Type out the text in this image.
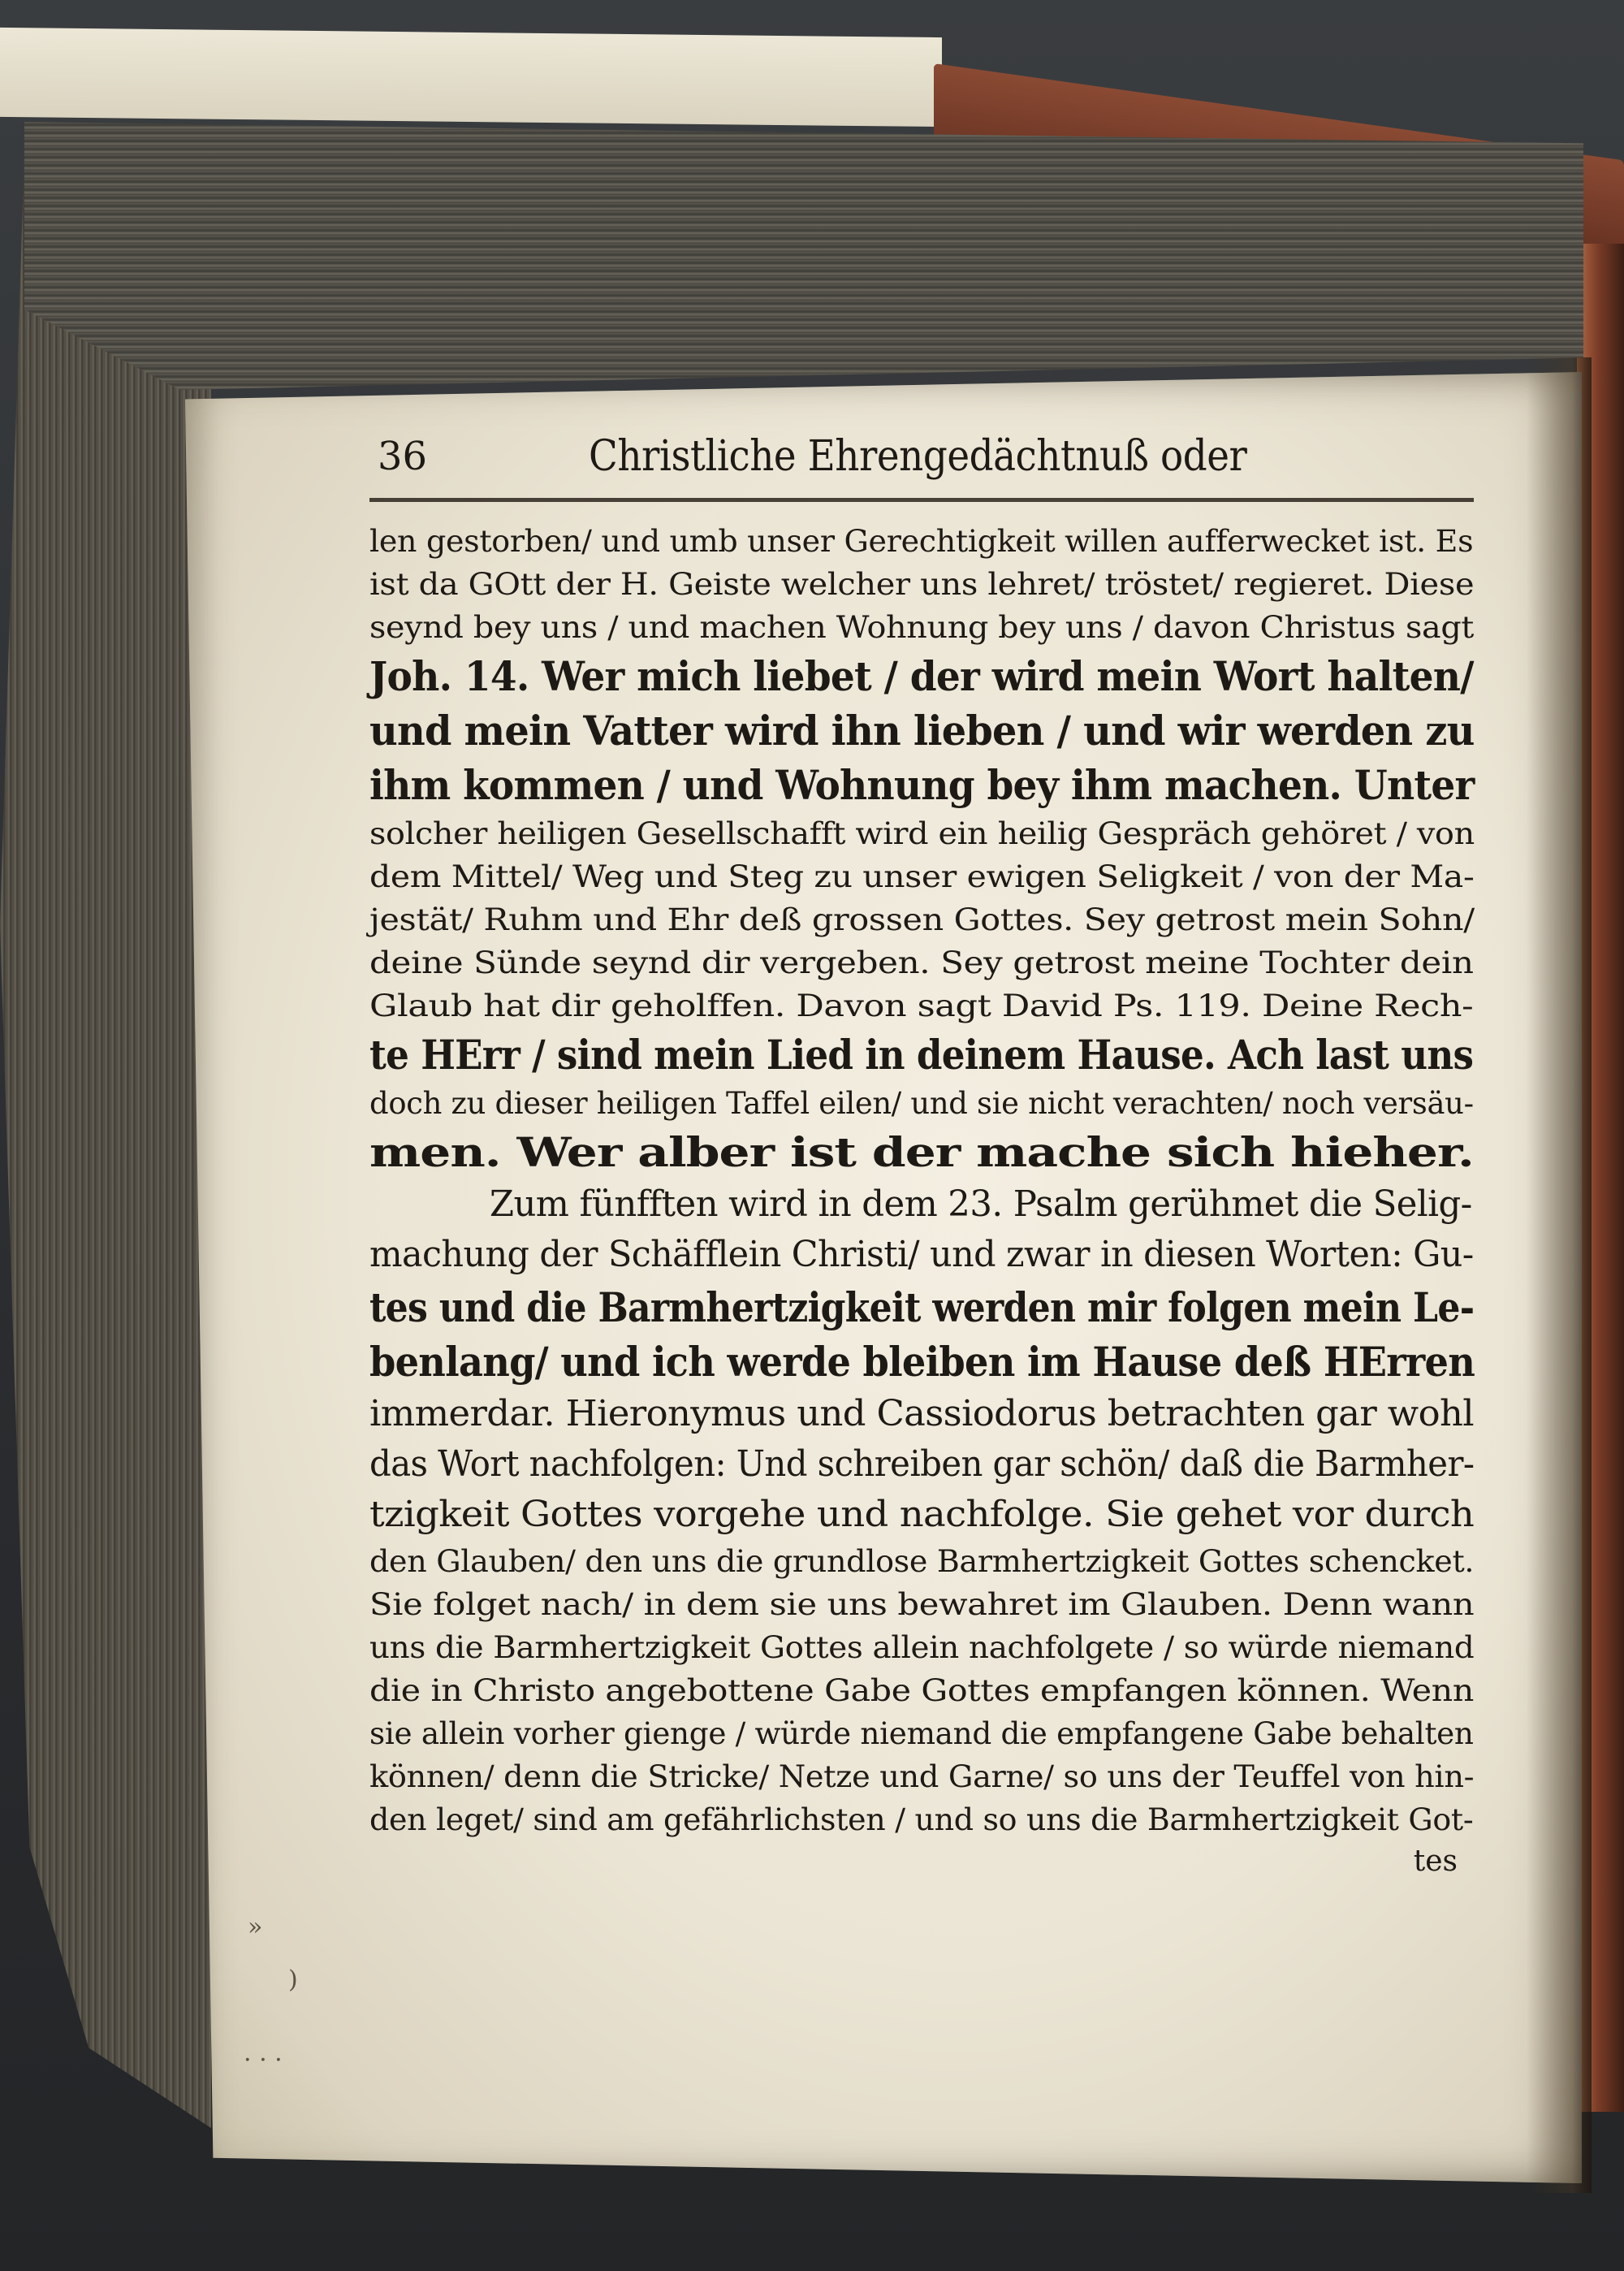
»
)
. . .
36	Christliche Ehrengedächtnuß oder
len gestorben/ und umb unser Gerechtigkeit willen aufferwecket ist. Es
ist da GOtt der H. Geiste welcher uns lehret/ tröstet/ regieret. Diese
seynd bey uns / und machen Wohnung bey uns / davon Christus sagt
Joh. 14. Wer mich liebet / der wird mein Wort halten/
und mein Vatter wird ihn lieben / und wir werden zu
ihm kommen / und Wohnung bey ihm machen. Unter
solcher heiligen Gesellschafft wird ein heilig Gespräch gehöret / von
dem Mittel/ Weg und Steg zu unser ewigen Seligkeit / von der Ma-
jestät/ Ruhm und Ehr deß grossen Gottes. Sey getrost mein Sohn/
deine Sünde seynd dir vergeben. Sey getrost meine Tochter dein
Glaub hat dir geholffen. Davon sagt David Ps. 119. Deine Rech-
te HErr / sind mein Lied in deinem Hause. Ach last uns
doch zu dieser heiligen Taffel eilen/ und sie nicht verachten/ noch versäu-
men. Wer alber ist der mache sich hieher.
Zum fünfften wird in dem 23. Psalm gerühmet die Selig-
machung der Schäfflein Christi/ und zwar in diesen Worten: Gu-
tes und die Barmhertzigkeit werden mir folgen mein Le-
benlang/ und ich werde bleiben im Hause deß HErren
immerdar. Hieronymus und Cassiodorus betrachten gar wohl
das Wort nachfolgen: Und schreiben gar schön/ daß die Barmher-
tzigkeit Gottes vorgehe und nachfolge. Sie gehet vor durch
den Glauben/ den uns die grundlose Barmhertzigkeit Gottes schencket.
Sie folget nach/ in dem sie uns bewahret im Glauben. Denn wann
uns die Barmhertzigkeit Gottes allein nachfolgete / so würde niemand
die in Christo angebottene Gabe Gottes empfangen können. Wenn
sie allein vorher gienge / würde niemand die empfangene Gabe behalten
können/ denn die Stricke/ Netze und Garne/ so uns der Teuffel von hin-
den leget/ sind am gefährlichsten / und so uns die Barmhertzigkeit Got-
tes
